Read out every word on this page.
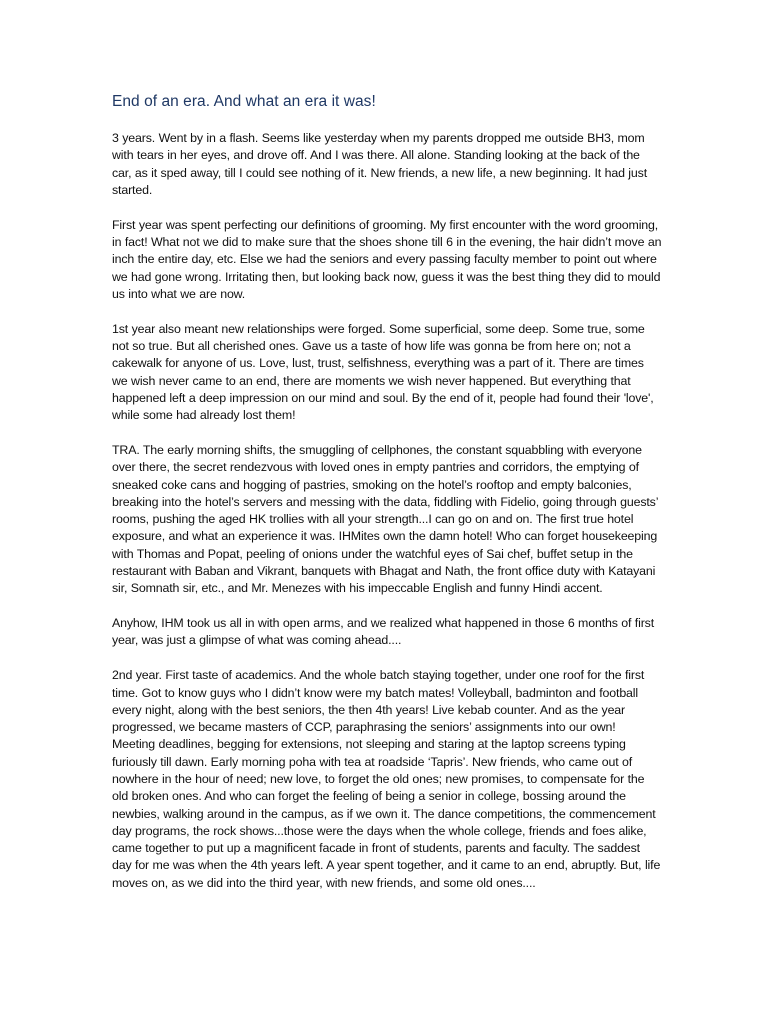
End of an era. And what an era it was!

3 years. Went by in a flash. Seems like yesterday when my parents dropped me outside BH3, mom with tears in her eyes, and drove off. And I was there. All alone. Standing looking at the back of the car, as it sped away, till I could see nothing of it. New friends, a new life, a new beginning. It had just started.

First year was spent perfecting our definitions of grooming. My first encounter with the word grooming, in fact! What not we did to make sure that the shoes shone till 6 in the evening, the hair didn’t move an inch the entire day, etc. Else we had the seniors and every passing faculty member to point out where we had gone wrong. Irritating then, but looking back now, guess it was the best thing they did to mould us into what we are now.

1st year also meant new relationships were forged. Some superficial, some deep. Some true, some not so true. But all cherished ones. Gave us a taste of how life was gonna be from here on; not a cakewalk for anyone of us. Love, lust, trust, selfishness, everything was a part of it. There are times we wish never came to an end, there are moments we wish never happened. But everything that happened left a deep impression on our mind and soul. By the end of it, people had found their 'love', while some had already lost them!

TRA. The early morning shifts, the smuggling of cellphones, the constant squabbling with everyone over there, the secret rendezvous with loved ones in empty pantries and corridors, the emptying of sneaked coke cans and hogging of pastries, smoking on the hotel’s rooftop and empty balconies, breaking into the hotel’s servers and messing with the data, fiddling with Fidelio, going through guests’ rooms, pushing the aged HK trollies with all your strength...I can go on and on. The first true hotel exposure, and what an experience it was. IHMites own the damn hotel! Who can forget housekeeping with Thomas and Popat, peeling of onions under the watchful eyes of Sai chef, buffet setup in the restaurant with Baban and Vikrant, banquets with Bhagat and Nath, the front office duty with Katayani sir, Somnath sir, etc., and Mr. Menezes with his impeccable English and funny Hindi accent.

Anyhow, IHM took us all in with open arms, and we realized what happened in those 6 months of first year, was just a glimpse of what was coming ahead....

2nd year. First taste of academics. And the whole batch staying together, under one roof for the first time. Got to know guys who I didn’t know were my batch mates! Volleyball, badminton and football every night, along with the best seniors, the then 4th years! Live kebab counter. And as the year progressed, we became masters of CCP, paraphrasing the seniors’ assignments into our own! Meeting deadlines, begging for extensions, not sleeping and staring at the laptop screens typing furiously till dawn. Early morning poha with tea at roadside ‘Tapris’. New friends, who came out of nowhere in the hour of need; new love, to forget the old ones; new promises, to compensate for the old broken ones. And who can forget the feeling of being a senior in college, bossing around the newbies, walking around in the campus, as if we own it. The dance competitions, the commencement day programs, the rock shows...those were the days when the whole college, friends and foes alike, came together to put up a magnificent facade in front of students, parents and faculty. The saddest day for me was when the 4th years left. A year spent together, and it came to an end, abruptly. But, life moves on, as we did into the third year, with new friends, and some old ones....
